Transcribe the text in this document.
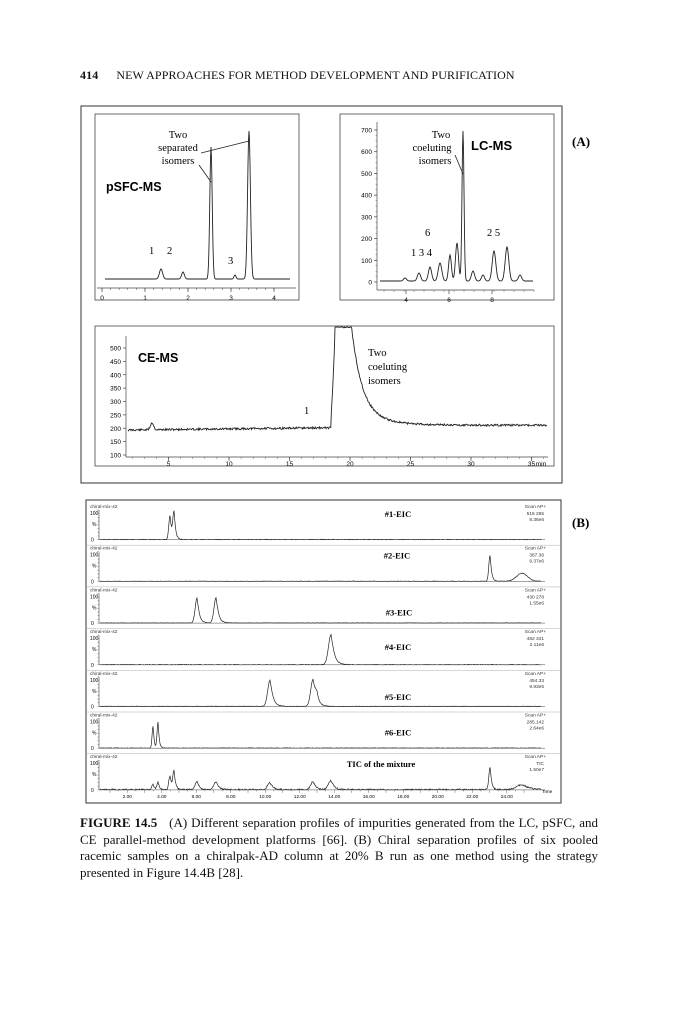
414 NEW APPROACHES FOR METHOD DEVELOPMENT AND PURIFICATION
(A)
0	1	2	3	4
Two
separated
isomers
pSFC-MS
1 2
3
700
600
500
400
300
200
100
0
4	6	8
Two
coeluting
isomers
LC-MS
6	2 5
1 3 4
500
450
400
350
300
250
200
150
100
5	10	15	20	25	30	35 min
CE-MS	Two
coeluting
isomers
1
(B)
chiral-mix-42
100
%
0
Scan AP+
516 285
8.36e6
#1-EIC
chiral-mix-42
100
%
0
Scan AP+
387.36
9.37e6
#2-EIC
chiral-mix-42
100
%
0
Scan AP+
430 278
1.55e6
#3-EIC
chiral-mix-42
100
%
0
Scan AP+
482 341
2.11e6
#4-EIC
chiral-mix-42
100
%
0
Scan AP+
454.33
9.93e5
#5-EIC
chiral-mix-42
100
%
0
Scan AP+
285.142
2.64e6
#6-EIC
chiral-mix-42
100
%
0
Scan AP+
TIC
1.50e7
TIC of the mixture
2.00	4.00	6.00	8.00	10.00	12.00	14.00	16.00	18.00	20.00	22.00	24.00
Time
FIGURE 14.5 (A) Different separation profiles of impurities generated from the LC, pSFC, and CE parallel-method development platforms [66]. (B) Chiral separation profiles of six pooled racemic samples on a chiralpak-AD column at 20% B run as one method using the strategy presented in Figure 14.4B [28].
